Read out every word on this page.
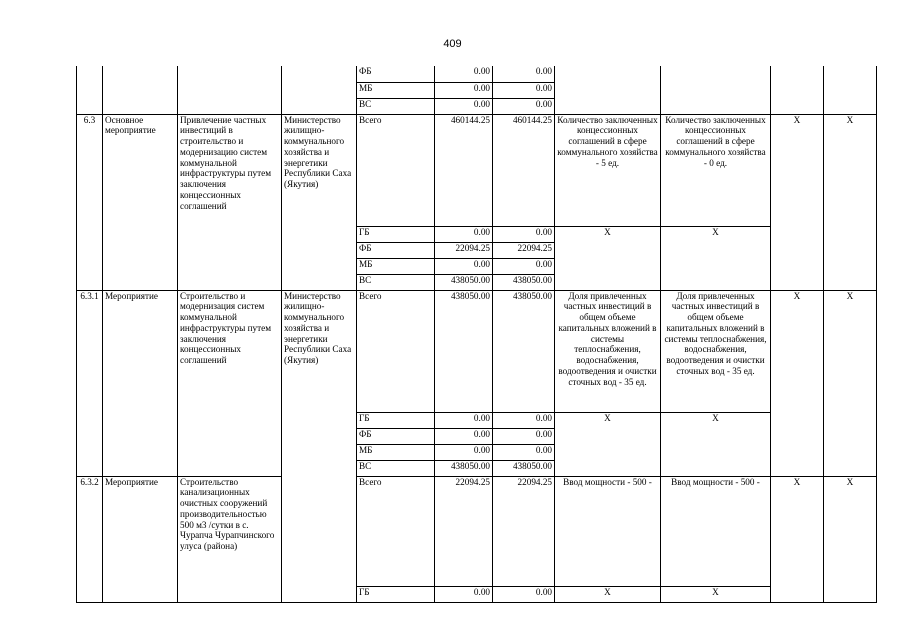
409
				ФБ	0.00	0.00				
				МБ	0.00	0.00				
				ВС	0.00	0.00				
6.3	Основное мероприятие	Привлечение частных инвестиций в строительство и модернизацию систем коммунальной инфраструктуры путем заключения концессионных соглашений	Министерство жилищно-коммунального хозяйства и энергетики Республики Саха (Якутия)	Всего	460144.25	460144.25	Количество заключенных концессионных соглашений в сфере коммунального хозяйства - 5 ед.	Количество заключенных концессионных соглашений в сфере коммунального хозяйства - 0 ед.	X	X
				ГБ	0.00	0.00	X	X		
				ФБ	22094.25	22094.25				
				МБ	0.00	0.00				
				ВС	438050.00	438050.00				
6.3.1	Мероприятие	Строительство и модернизация систем коммунальной инфраструктуры путем заключения концессионных соглашений	Министерство жилищно-коммунального хозяйства и энергетики Республики Саха (Якутия)	Всего	438050.00	438050.00	Доля привлеченных частных инвестиций в общем объеме капитальных вложений в системы теплоснабжения, водоснабжения, водоотведения и очистки сточных вод - 35 ед.	Доля привлеченных частных инвестиций в общем объеме капитальных вложений в системы теплоснабжения, водоснабжения, водоотведения и очистки сточных вод - 35 ед.	X	X
				ГБ	0.00	0.00	X	X		
				ФБ	0.00	0.00				
				МБ	0.00	0.00				
				ВС	438050.00	438050.00				
6.3.2	Мероприятие	Строительство канализационных очистных сооружений производительностью 500 м3 /сутки в с. Чурапча Чурапчинского улуса (района)		Всего	22094.25	22094.25	Ввод мощности - 500 -	Ввод мощности - 500 -	X	X
				ГБ	0.00	0.00	X	X		
